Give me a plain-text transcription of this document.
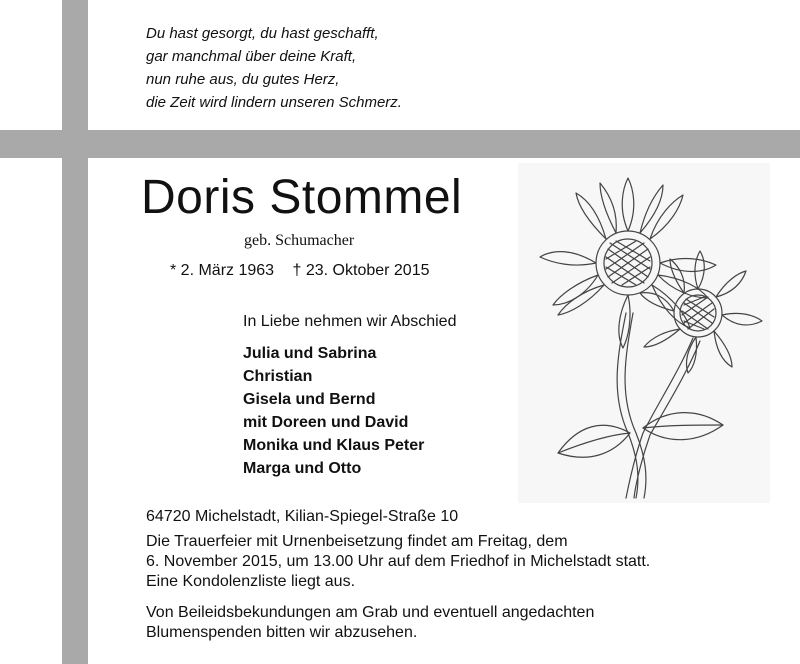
Du hast gesorgt, du hast geschafft,
gar manchmal über deine Kraft,
nun ruhe aus, du gutes Herz,
die Zeit wird lindern unseren Schmerz.
Doris Stommel
geb. Schumacher
* 2. März 1963 † 23. Oktober 2015
In Liebe nehmen wir Abschied
Julia und Sabrina
Christian
Gisela und Bernd
mit Doreen und David
Monika und Klaus Peter
Marga und Otto
64720 Michelstadt, Kilian-Spiegel-Straße 10
Die Trauerfeier mit Urnenbeisetzung findet am Freitag, dem
6. November 2015, um 13.00 Uhr auf dem Friedhof in Michelstadt statt.
Eine Kondolenzliste liegt aus.
Von Beileidsbekundungen am Grab und eventuell angedachten
Blumenspenden bitten wir abzusehen.
